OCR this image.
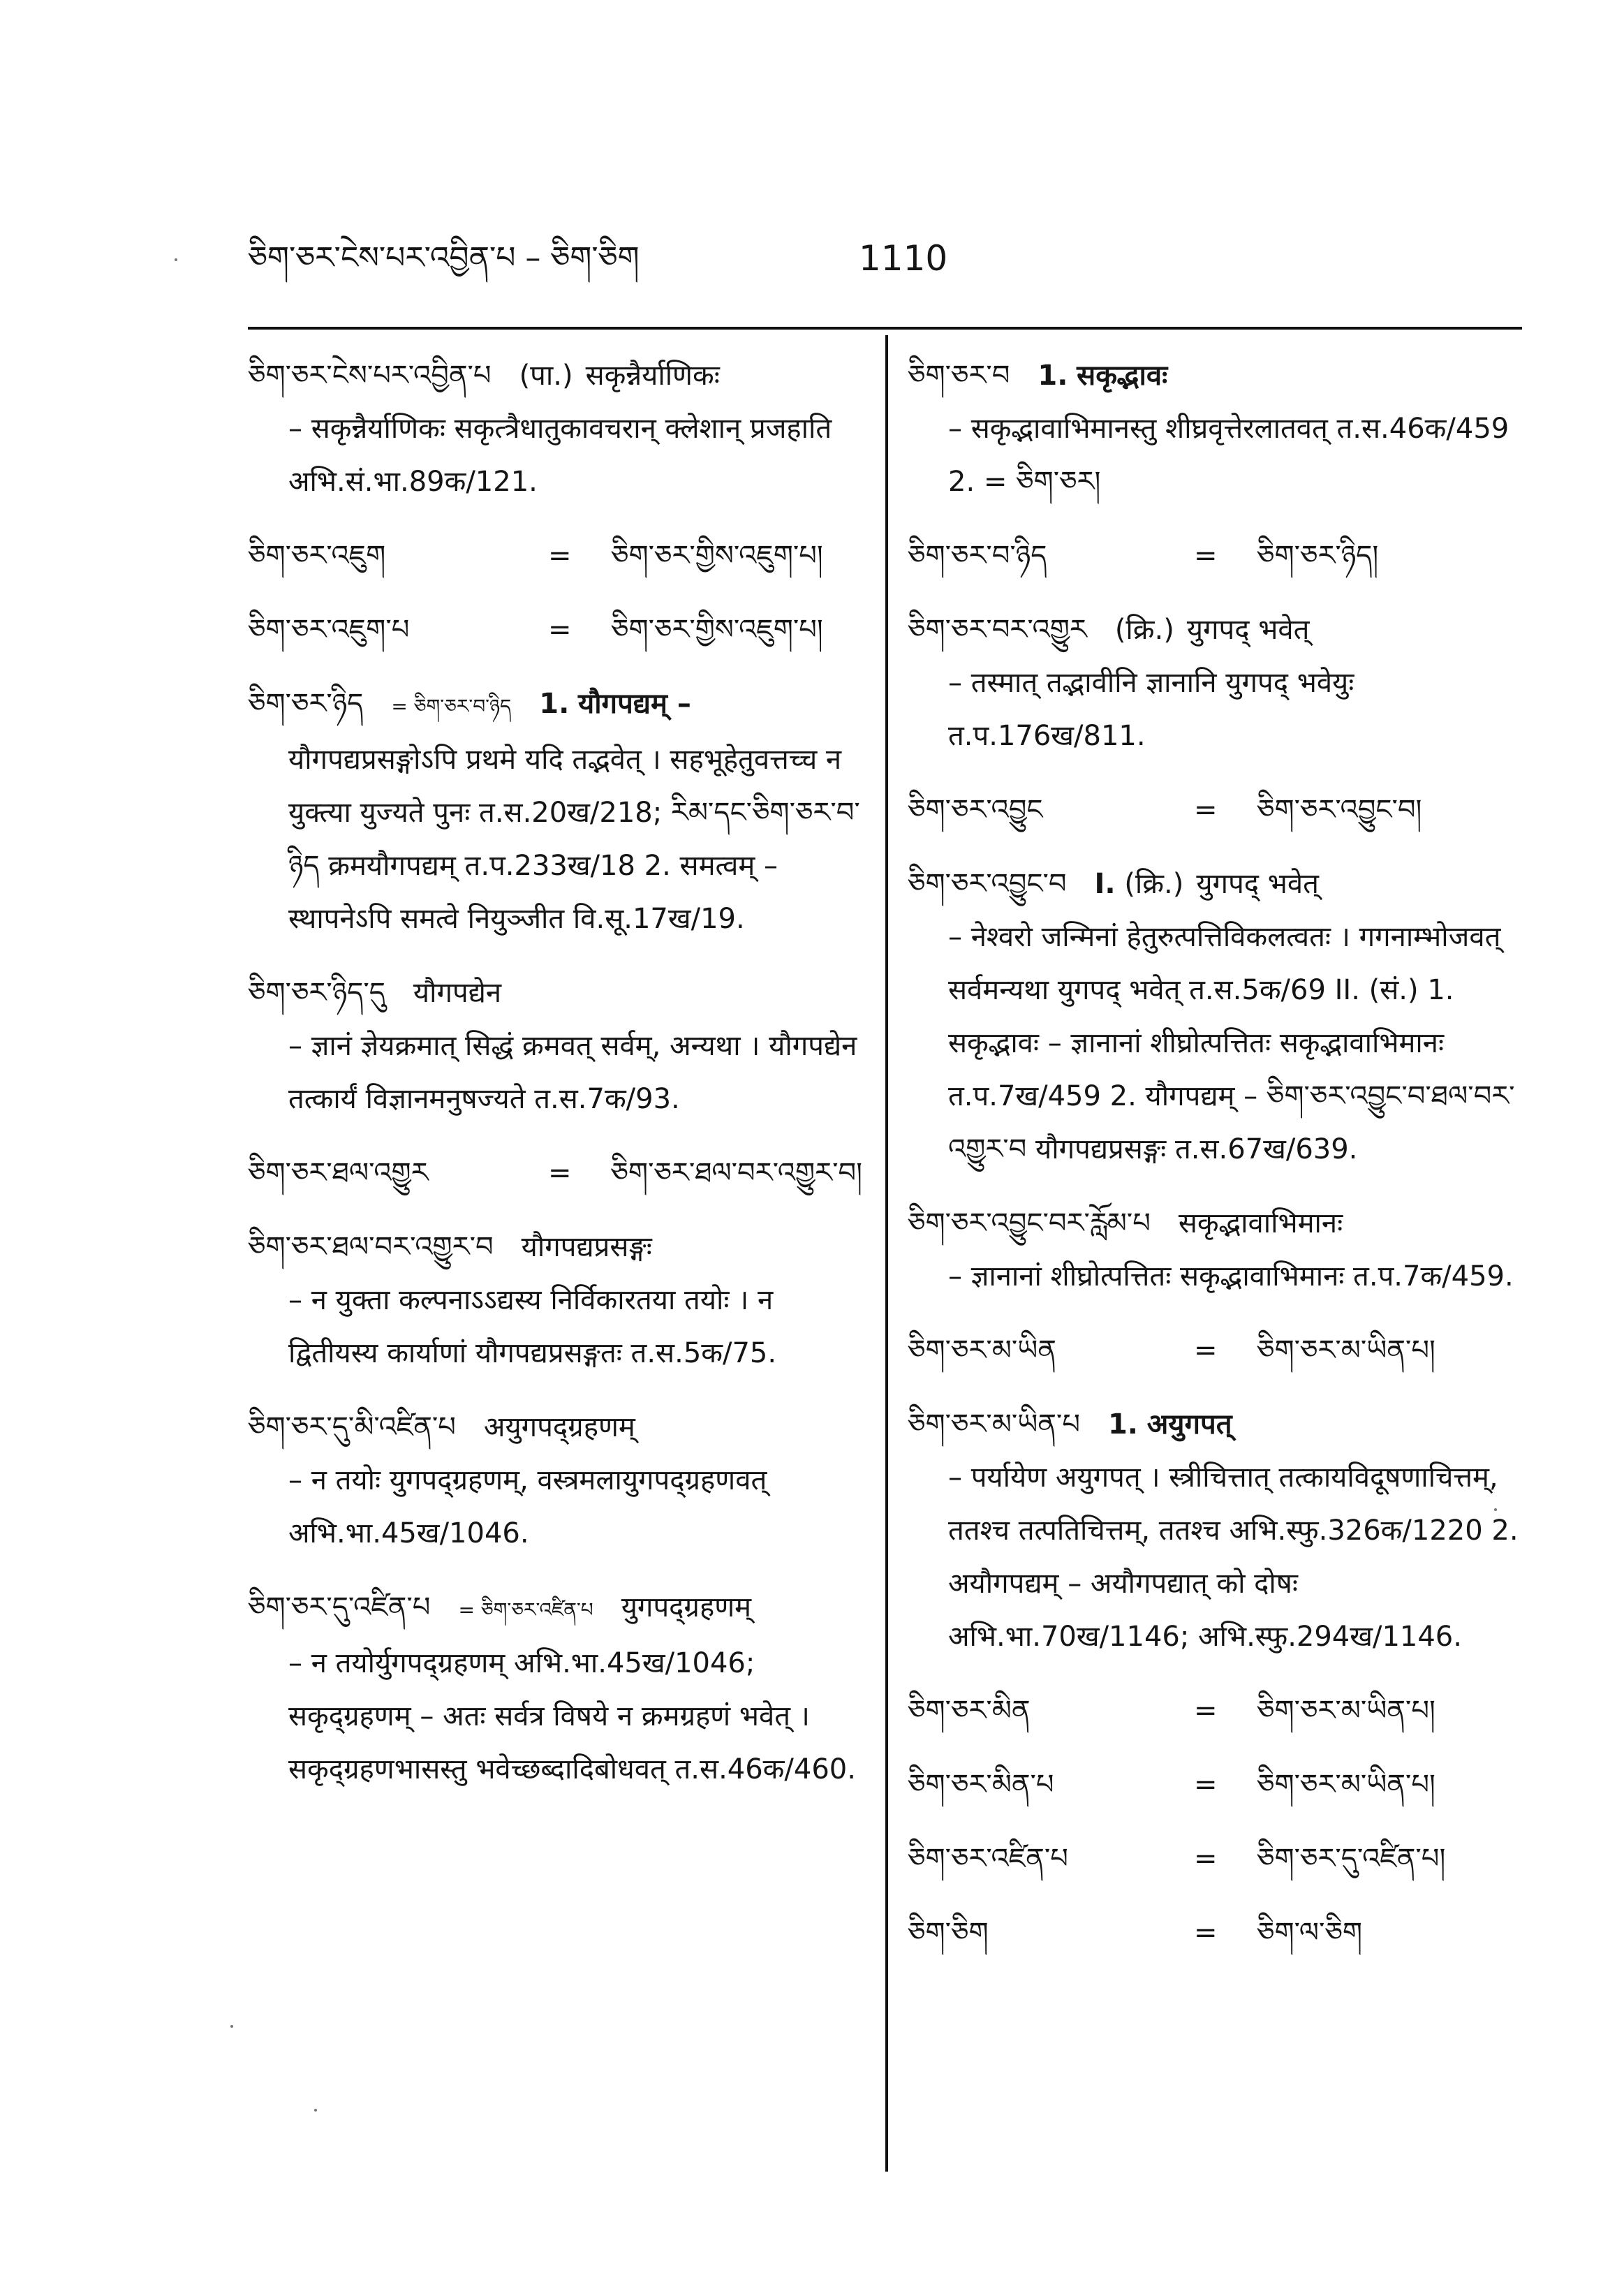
ཅིག་ཅར་ངེས་པར་འབྱིན་པ – ཅིག་ཅིག	1110
ཅིག་ཅར་ངེས་པར་འབྱིན་པ (पा.) सकृन्नैर्याणिकः
– सकृन्नैर्याणिकः सकृत्त्रैधातुकावचरान् क्लेशान् प्रजहाति अभि.सं.भा.89क/121.
ཅིག་ཅར་འཇུག	=	ཅིག་ཅར་གྱིས་འཇུག་པ།
ཅིག་ཅར་འཇུག་པ	=	ཅིག་ཅར་གྱིས་འཇུག་པ།
ཅིག་ཅར་ཉིད = ཅིག་ཅར་བ་ཉིད 1. यौगपद्यम् –
यौगपद्यप्रसङ्गोऽपि प्रथमे यदि तद्भवेत् । सहभूहेतुवत्तच्च न युक्त्या युज्यते पुनः त.स.20ख/218; རིམ་དང་ཅིག་ཅར་བ་ཉིད क्रमयौगपद्यम् त.प.233ख/18 2. समत्वम् – स्थापनेऽपि समत्वे नियुञ्जीत वि.सू.17ख/19.
ཅིག་ཅར་ཉིད་དུ यौगपद्येन
– ज्ञानं ज्ञेयक्रमात् सिद्धं क्रमवत् सर्वम्, अन्यथा । यौगपद्येन तत्कार्यं विज्ञानमनुषज्यते त.स.7क/93.
ཅིག་ཅར་ཐལ་འགྱུར	=	ཅིག་ཅར་ཐལ་བར་འགྱུར་བ།
ཅིག་ཅར་ཐལ་བར་འགྱུར་བ यौगपद्यप्रसङ्गः
– न युक्ता कल्पनाऽऽद्यस्य निर्विकारतया तयोः । न द्वितीयस्य कार्याणां यौगपद्यप्रसङ्गतः त.स.5क/75.
ཅིག་ཅར་དུ་མི་འཛིན་པ अयुगपद्ग्रहणम्
– न तयोः युगपद्ग्रहणम्, वस्त्रमलायुगपद्ग्रहणवत् अभि.भा.45ख/1046.
ཅིག་ཅར་དུ་འཛིན་པ = ཅིག་ཅར་འཛིན་པ युगपद्ग्रहणम्
– न तयोर्युगपद्ग्रहणम् अभि.भा.45ख/1046; सकृद्ग्रहणम् – अतः सर्वत्र विषये न क्रमग्रहणं भवेत् । सकृद्ग्रहणभासस्तु भवेच्छब्दादिबोधवत् त.स.46क/460.
ཅིག་ཅར་བ 1. सकृद्भावः
– सकृद्भावाभिमानस्तु शीघ्रवृत्तेरलातवत् त.स.46क/459 2. = ཅིག་ཅར།
ཅིག་ཅར་བ་ཉིད	=	ཅིག་ཅར་ཉིད།
ཅིག་ཅར་བར་འགྱུར (क्रि.) युगपद् भवेत्
– तस्मात् तद्भावीनि ज्ञानानि युगपद् भवेयुः त.प.176ख/811.
ཅིག་ཅར་འབྱུང	=	ཅིག་ཅར་འབྱུང་བ།
ཅིག་ཅར་འབྱུང་བ I. (क्रि.) युगपद् भवेत्
– नेश्वरो जन्मिनां हेतुरुत्पत्तिविकलत्वतः । गगनाम्भोजवत् सर्वमन्यथा युगपद् भवेत् त.स.5क/69 II. (सं.) 1. सकृद्भावः – ज्ञानानां शीघ्रोत्पत्तितः सकृद्भावाभिमानः त.प.7ख/459 2. यौगपद्यम् – ཅིག་ཅར་འབྱུང་བ་ཐལ་བར་འགྱུར་བ यौगपद्यप्रसङ्गः त.स.67ख/639.
ཅིག་ཅར་འབྱུང་བར་རློམ་པ सकृद्भावाभिमानः
– ज्ञानानां शीघ्रोत्पत्तितः सकृद्भावाभिमानः त.प.7क/459.
ཅིག་ཅར་མ་ཡིན	=	ཅིག་ཅར་མ་ཡིན་པ།
ཅིག་ཅར་མ་ཡིན་པ 1. अयुगपत्
– पर्यायेण अयुगपत् । स्त्रीचित्तात् तत्कायविदूषणाचित्तम्, ततश्च तत्पतिचित्तम्, ततश्च अभि.स्फु.326क/1220 2. अयौगपद्यम् – अयौगपद्यात् को दोषः अभि.भा.70ख/1146; अभि.स्फु.294ख/1146.
ཅིག་ཅར་མིན	=	ཅིག་ཅར་མ་ཡིན་པ།
ཅིག་ཅར་མིན་པ	=	ཅིག་ཅར་མ་ཡིན་པ།
ཅིག་ཅར་འཛིན་པ	=	ཅིག་ཅར་དུ་འཛིན་པ།
ཅིག་ཅིག	=	ཅིག་ལ་ཅིག
